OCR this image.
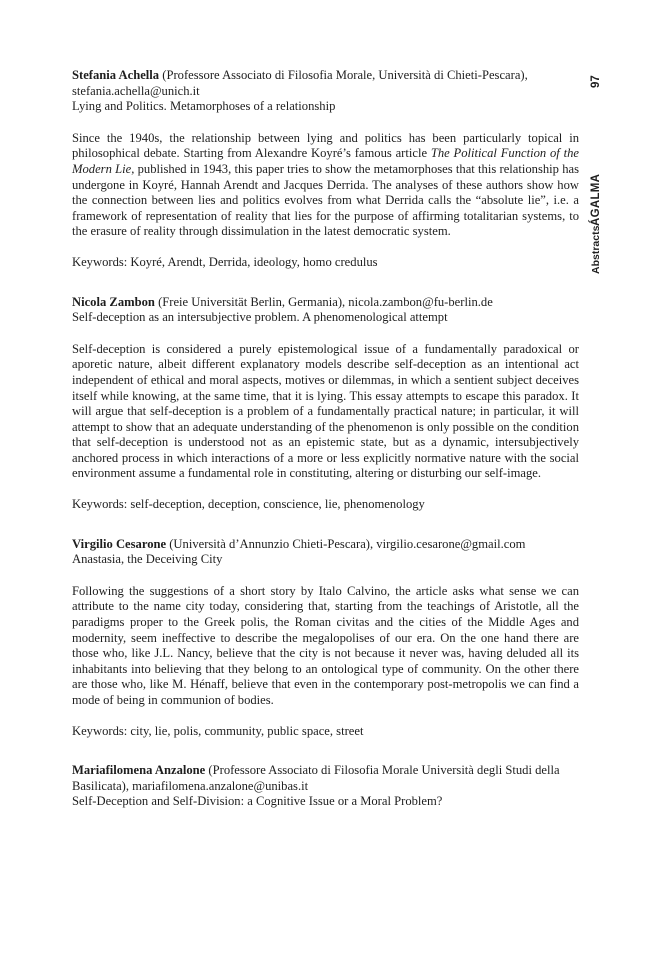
97
ÁGALMA
Abstracts

Stefania Achella (Professore Associato di Filosofia Morale, Università di Chieti-Pescara),

stefania.achella@unich.it

Lying and Politics. Metamorphoses of a relationship

Since the 1940s, the relationship between lying and politics has been particularly topical in philosophical debate. Starting from Alexandre Koyré’s famous article The Political Function of the Modern Lie, published in 1943, this paper tries to show the metamorphoses that this relationship has undergone in Koyré, Hannah Arendt and Jacques Derrida. The analyses of these authors show how the connection between lies and politics evolves from what Derrida calls the “absolute lie”, i.e. a framework of representation of reality that lies for the purpose of affirming totalitarian systems, to the erasure of reality through dissimulation in the latest democratic system.

Keywords: Koyré, Arendt, Derrida, ideology, homo credulus

Nicola Zambon (Freie Universität Berlin, Germania), nicola.zambon@fu-berlin.de

Self-deception as an intersubjective problem. A phenomenological attempt

Self-deception is considered a purely epistemological issue of a fundamentally paradoxical or aporetic nature, albeit different explanatory models describe self-deception as an intentional act independent of ethical and moral aspects, motives or dilemmas, in which a sentient subject deceives itself while knowing, at the same time, that it is lying. This essay attempts to escape this paradox. It will argue that self-deception is a problem of a fundamentally practical nature; in particular, it will attempt to show that an adequate understanding of the phenomenon is only possible on the condition that self-deception is understood not as an epistemic state, but as a dynamic, intersubjectively anchored process in which interactions of a more or less explicitly normative nature with the social environment assume a fundamental role in constituting, altering or disturbing our self-image.

Keywords: self-deception, deception, conscience, lie, phenomenology

Virgilio Cesarone (Università d’Annunzio Chieti-Pescara), virgilio.cesarone@gmail.com

Anastasia, the Deceiving City

Following the suggestions of a short story by Italo Calvino, the article asks what sense we can attribute to the name city today, considering that, starting from the teachings of Aristotle, all the paradigms proper to the Greek polis, the Roman civitas and the cities of the Middle Ages and modernity, seem ineffective to describe the megalopolises of our era. On the one hand there are those who, like J.L. Nancy, believe that the city is not because it never was, having deluded all its inhabitants into believing that they belong to an ontological type of community. On the other there are those who, like M. Hénaff, believe that even in the contemporary post-metropolis we can find a mode of being in communion of bodies.

Keywords: city, lie, polis, community, public space, street

Mariafilomena Anzalone (Professore Associato di Filosofia Morale Università degli Studi della Basilicata), mariafilomena.anzalone@unibas.it

Self-Deception and Self-Division: a Cognitive Issue or a Moral Problem?
